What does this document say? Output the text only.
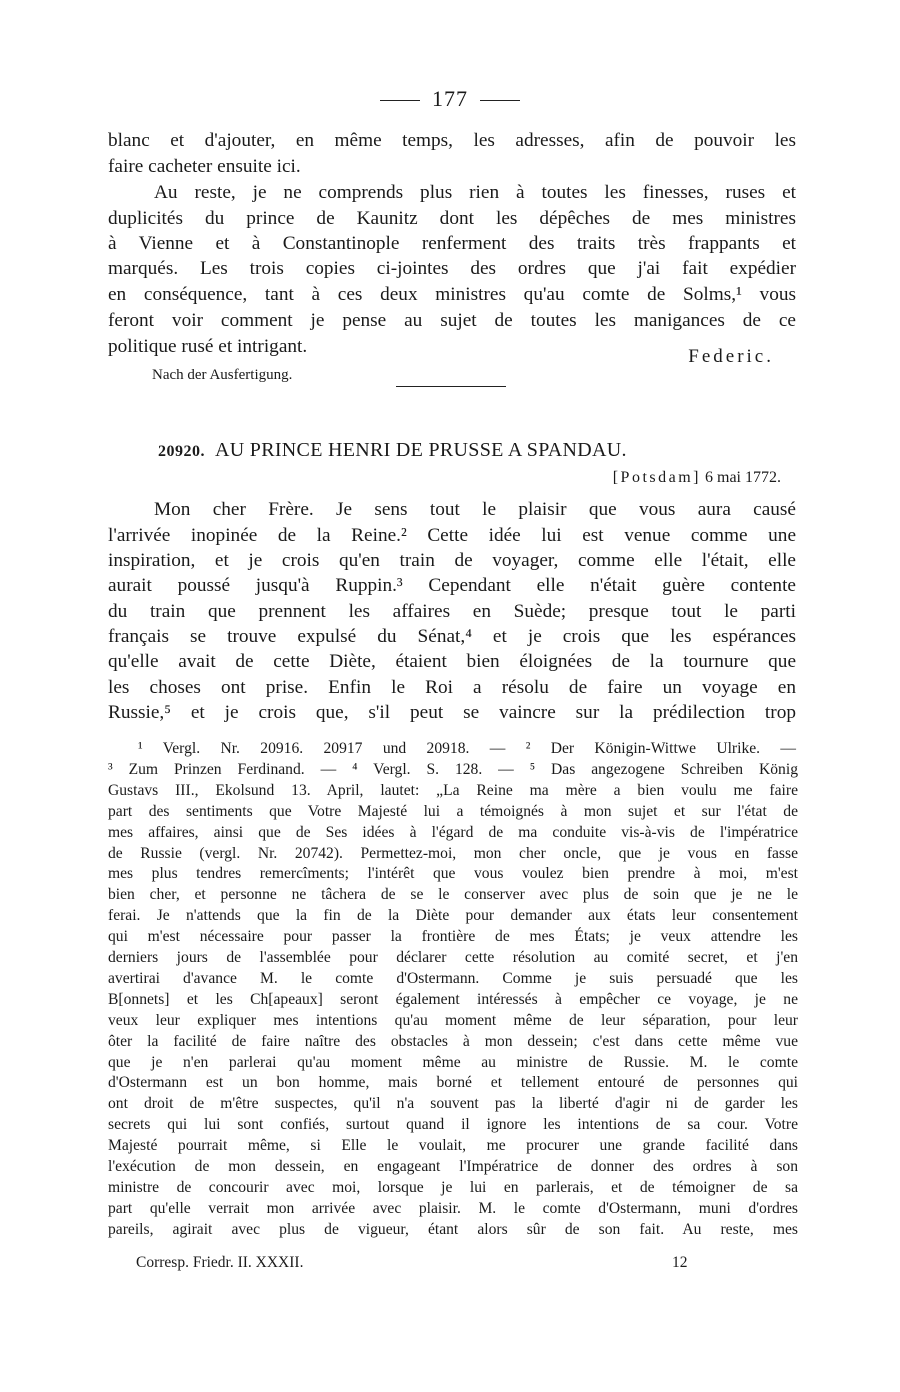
177
blanc et d'ajouter, en même temps, les adresses, afin de pouvoir les
faire cacheter ensuite ici.
Au reste, je ne comprends plus rien à toutes les finesses, ruses et
duplicités du prince de Kaunitz dont les dépêches de mes ministres
à Vienne et à Constantinople renferment des traits très frappants et
marqués. Les trois copies ci-jointes des ordres que j'ai fait expédier
en conséquence, tant à ces deux ministres qu'au comte de Solms,¹ vous
feront voir comment je pense au sujet de toutes les manigances de ce
politique rusé et intrigant.	Federic.
Nach der Ausfertigung.
20920. AU PRINCE HENRI DE PRUSSE A SPANDAU.
[Potsdam] 6 mai 1772.
Mon cher Frère. Je sens tout le plaisir que vous aura causé
l'arrivée inopinée de la Reine.² Cette idée lui est venue comme une
inspiration, et je crois qu'en train de voyager, comme elle l'était, elle
aurait poussé jusqu'à Ruppin.³ Cependant elle n'était guère contente
du train que prennent les affaires en Suède; presque tout le parti
français se trouve expulsé du Sénat,⁴ et je crois que les espérances
qu'elle avait de cette Diète, étaient bien éloignées de la tournure que
les choses ont prise. Enfin le Roi a résolu de faire un voyage en
Russie,⁵ et je crois que, s'il peut se vaincre sur la prédilection trop
¹ Vergl. Nr. 20916. 20917 und 20918. — ² Der Königin-Wittwe Ulrike. —
³ Zum Prinzen Ferdinand. — ⁴ Vergl. S. 128. — ⁵ Das angezogene Schreiben König
Gustavs III., Ekolsund 13. April, lautet: „La Reine ma mère a bien voulu me faire
part des sentiments que Votre Majesté lui a témoignés à mon sujet et sur l'état de
mes affaires, ainsi que de Ses idées à l'égard de ma conduite vis-à-vis de l'impératrice
de Russie (vergl. Nr. 20742). Permettez-moi, mon cher oncle, que je vous en fasse
mes plus tendres remercîments; l'intérêt que vous voulez bien prendre à moi, m'est
bien cher, et personne ne tâchera de se le conserver avec plus de soin que je ne le
ferai. Je n'attends que la fin de la Diète pour demander aux états leur consentement
qui m'est nécessaire pour passer la frontière de mes États; je veux attendre les
derniers jours de l'assemblée pour déclarer cette résolution au comité secret, et j'en
avertirai d'avance M. le comte d'Ostermann. Comme je suis persuadé que les
B[onnets] et les Ch[apeaux] seront également intéressés à empêcher ce voyage, je ne
veux leur expliquer mes intentions qu'au moment même de leur séparation, pour leur
ôter la facilité de faire naître des obstacles à mon dessein; c'est dans cette même vue
que je n'en parlerai qu'au moment même au ministre de Russie. M. le comte
d'Ostermann est un bon homme, mais borné et tellement entouré de personnes qui
ont droit de m'être suspectes, qu'il n'a souvent pas la liberté d'agir ni de garder les
secrets qui lui sont confiés, surtout quand il ignore les intentions de sa cour. Votre
Majesté pourrait même, si Elle le voulait, me procurer une grande facilité dans
l'exécution de mon dessein, en engageant l'Impératrice de donner des ordres à son
ministre de concourir avec moi, lorsque je lui en parlerais, et de témoigner de sa
part qu'elle verrait mon arrivée avec plaisir. M. le comte d'Ostermann, muni d'ordres
pareils, agirait avec plus de vigueur, étant alors sûr de son fait. Au reste, mes
Corresp. Friedr. II. XXXII.	12
